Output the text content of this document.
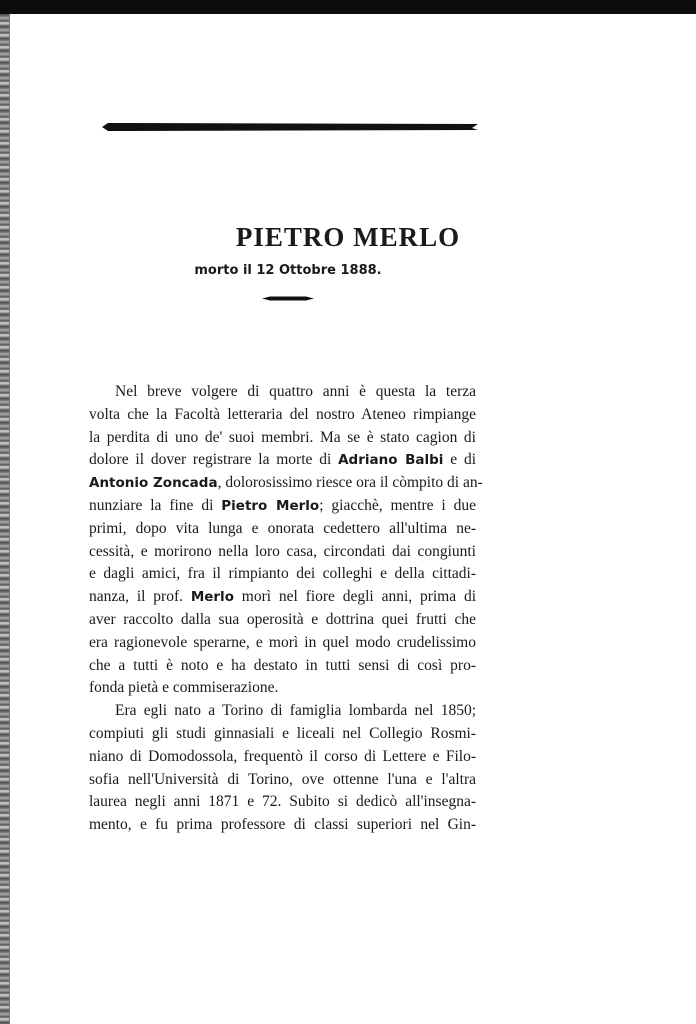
PIETRO MERLO
morto il 12 Ottobre 1888.
Nel breve volgere di quattro anni è questa la terza
volta che la Facoltà letteraria del nostro Ateneo rimpiange
la perdita di uno de' suoi membri. Ma se è stato cagion di
dolore il dover registrare la morte di Adriano Balbi e di
Antonio Zoncada, dolorosissimo riesce ora il còmpito di an-
nunziare la fine di Pietro Merlo; giacchè, mentre i due
primi, dopo vita lunga e onorata cedettero all'ultima ne-
cessità, e morirono nella loro casa, circondati dai congiunti
e dagli amici, fra il rimpianto dei colleghi e della cittadi-
nanza, il prof. Merlo morì nel fiore degli anni, prima di
aver raccolto dalla sua operosità e dottrina quei frutti che
era ragionevole sperarne, e morì in quel modo crudelissimo
che a tutti è noto e ha destato in tutti sensi di così pro-
fonda pietà e commiserazione.
Era egli nato a Torino di famiglia lombarda nel 1850;
compiuti gli studi ginnasiali e liceali nel Collegio Rosmi-
niano di Domodossola, frequentò il corso di Lettere e Filo-
sofia nell'Università di Torino, ove ottenne l'una e l'altra
laurea negli anni 1871 e 72. Subito si dedicò all'insegna-
mento, e fu prima professore di classi superiori nel Gin-
